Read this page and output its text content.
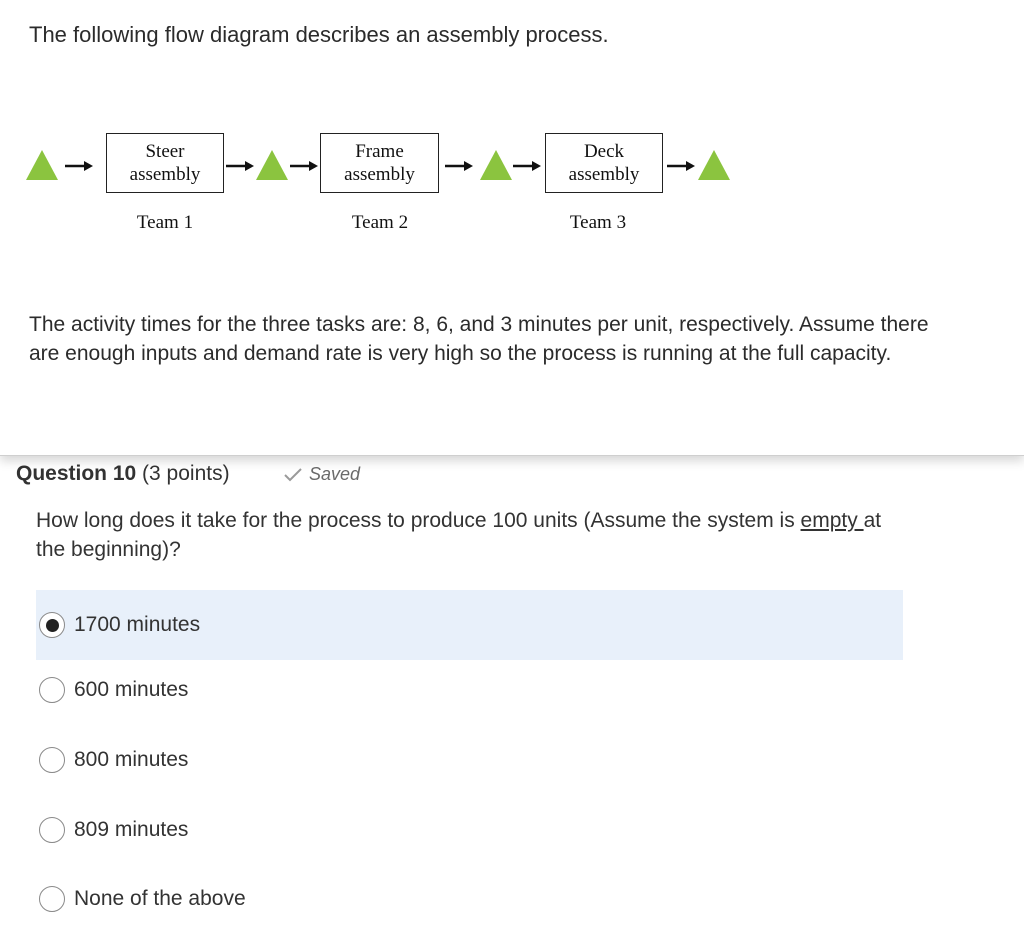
The following flow diagram describes an assembly process.

Steer
assembly
Team 1
Frame
assembly
Team 2
Deck
assembly
Team 3

The activity times for the three tasks are: 8, 6, and 3 minutes per unit, respectively. Assume there are enough inputs and demand rate is very high so the process is running at the full capacity.

Question 10 (3 points)	Saved
How long does it take for the process to produce 100 units (Assume the system is empty at the beginning)?
1700 minutes
600 minutes
800 minutes
809 minutes
None of the above
